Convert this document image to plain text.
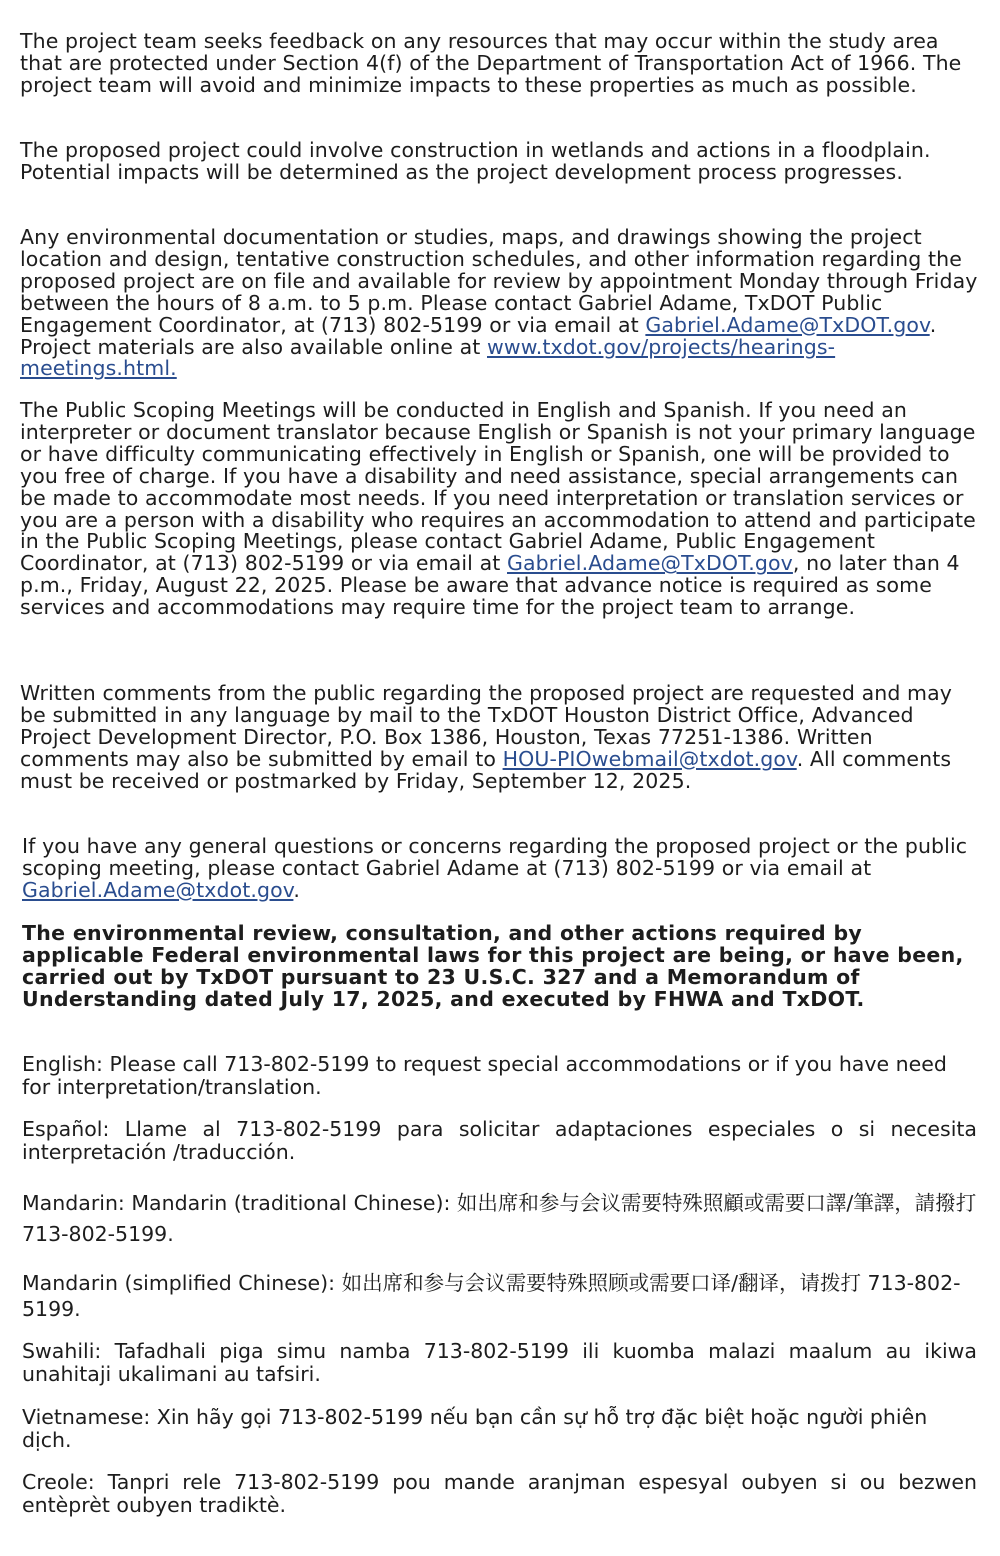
The project team seeks feedback on any resources that may occur within the study area that are protected under Section 4(f) of the Department of Transportation Act of 1966. The project team will avoid and minimize impacts to these properties as much as possible.

The proposed project could involve construction in wetlands and actions in a floodplain. Potential impacts will be determined as the project development process progresses.

Any environmental documentation or studies, maps, and drawings showing the project location and design, tentative construction schedules, and other information regarding the proposed project are on file and available for review by appointment Monday through Friday between the hours of 8 a.m. to 5 p.m. Please contact Gabriel Adame, TxDOT Public Engagement Coordinator, at (713) 802-5199 or via email at Gabriel.Adame@TxDOT.gov. Project materials are also available online at www.txdot.gov/projects/hearings-meetings.html.

The Public Scoping Meetings will be conducted in English and Spanish. If you need an interpreter or document translator because English or Spanish is not your primary language or have difficulty communicating effectively in English or Spanish, one will be provided to you free of charge. If you have a disability and need assistance, special arrangements can be made to accommodate most needs. If you need interpretation or translation services or you are a person with a disability who requires an accommodation to attend and participate in the Public Scoping Meetings, please contact Gabriel Adame, Public Engagement Coordinator, at (713) 802-5199 or via email at Gabriel.Adame@TxDOT.gov, no later than 4 p.m., Friday, August 22, 2025. Please be aware that advance notice is required as some services and accommodations may require time for the project team to arrange.

Written comments from the public regarding the proposed project are requested and may be submitted in any language by mail to the TxDOT Houston District Office, Advanced Project Development Director, P.O. Box 1386, Houston, Texas 77251-1386. Written comments may also be submitted by email to HOU-PIOwebmail@txdot.gov. All comments must be received or postmarked by Friday, September 12, 2025.

If you have any general questions or concerns regarding the proposed project or the public scoping meeting, please contact Gabriel Adame at (713) 802-5199 or via email at Gabriel.Adame@txdot.gov.

The environmental review, consultation, and other actions required by applicable Federal environmental laws for this project are being, or have been, carried out by TxDOT pursuant to 23 U.S.C. 327 and a Memorandum of Understanding dated July 17, 2025, and executed by FHWA and TxDOT.

English: Please call 713-802-5199 to request special accommodations or if you have need for interpretation/translation.

Español: Llame al 713-802-5199 para solicitar adaptaciones especiales o si necesita interpretación /traducción.

Mandarin: Mandarin (traditional Chinese): 如出席和参与会议需要特殊照顧或需要口譯/筆譯，請撥打 713-802-5199.

Mandarin (simplified Chinese): 如出席和参与会议需要特殊照顾或需要口译/翻译，请拨打 713-802- 5199.

Swahili: Tafadhali piga simu namba 713-802-5199 ili kuomba malazi maalum au ikiwa unahitaji ukalimani au tafsiri.

Vietnamese: Xin hãy gọi 713-802-5199 nếu bạn cần sự hỗ trợ đặc biệt hoặc người phiên dịch.

Creole: Tanpri rele 713-802-5199 pou mande aranjman espesyal oubyen si ou bezwen entèprèt oubyen tradiktè.
